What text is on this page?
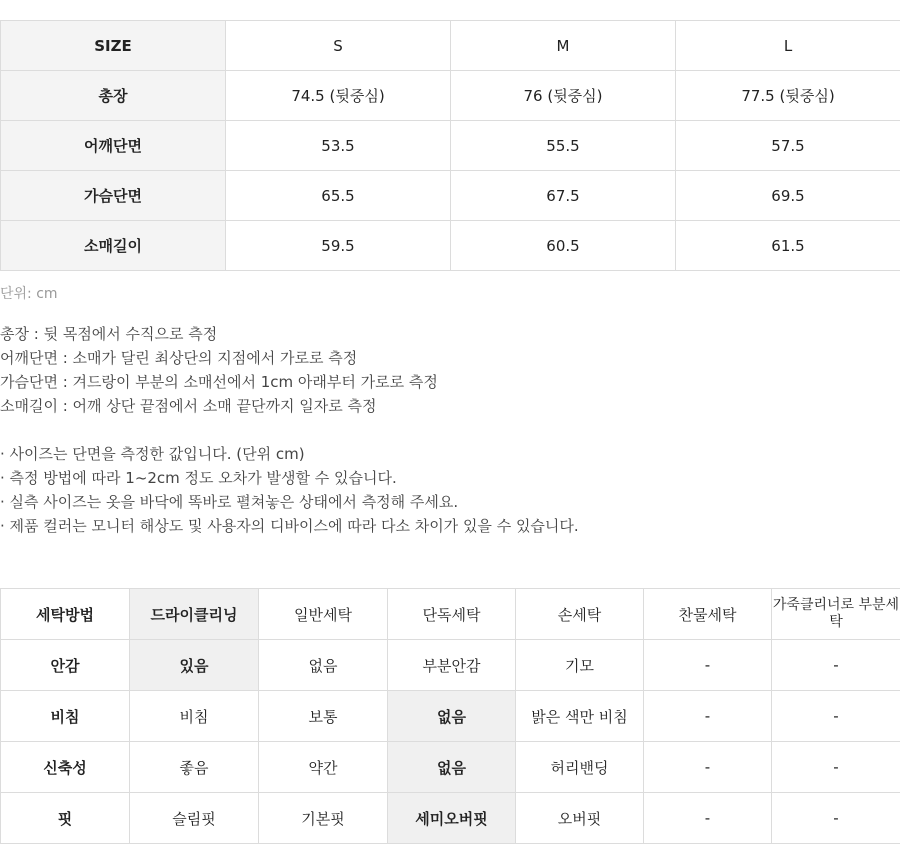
SIZE	S	M	L
총장	74.5 (뒷중심)	76 (뒷중심)	77.5 (뒷중심)
어깨단면	53.5	55.5	57.5
가슴단면	65.5	67.5	69.5
소매길이	59.5	60.5	61.5
단위: cm
총장 : 뒷 목점에서 수직으로 측정
어깨단면 : 소매가 달린 최상단의 지점에서 가로로 측정
가슴단면 : 겨드랑이 부분의 소매선에서 1cm 아래부터 가로로 측정
소매길이 : 어깨 상단 끝점에서 소매 끝단까지 일자로 측정
· 사이즈는 단면을 측정한 값입니다. (단위 cm)
· 측정 방법에 따라 1~2cm 정도 오차가 발생할 수 있습니다.
· 실측 사이즈는 옷을 바닥에 똑바로 펼쳐놓은 상태에서 측정해 주세요.
· 제품 컬러는 모니터 해상도 및 사용자의 디바이스에 따라 다소 차이가 있을 수 있습니다.
세탁방법	드라이클리닝	일반세탁	단독세탁	손세탁	찬물세탁	가죽클리너로 부분세탁
안감	있음	없음	부분안감	기모	-	-
비침	비침	보통	없음	밝은 색만 비침	-	-
신축성	좋음	약간	없음	허리밴딩	-	-
핏	슬림핏	기본핏	세미오버핏	오버핏	-	-
